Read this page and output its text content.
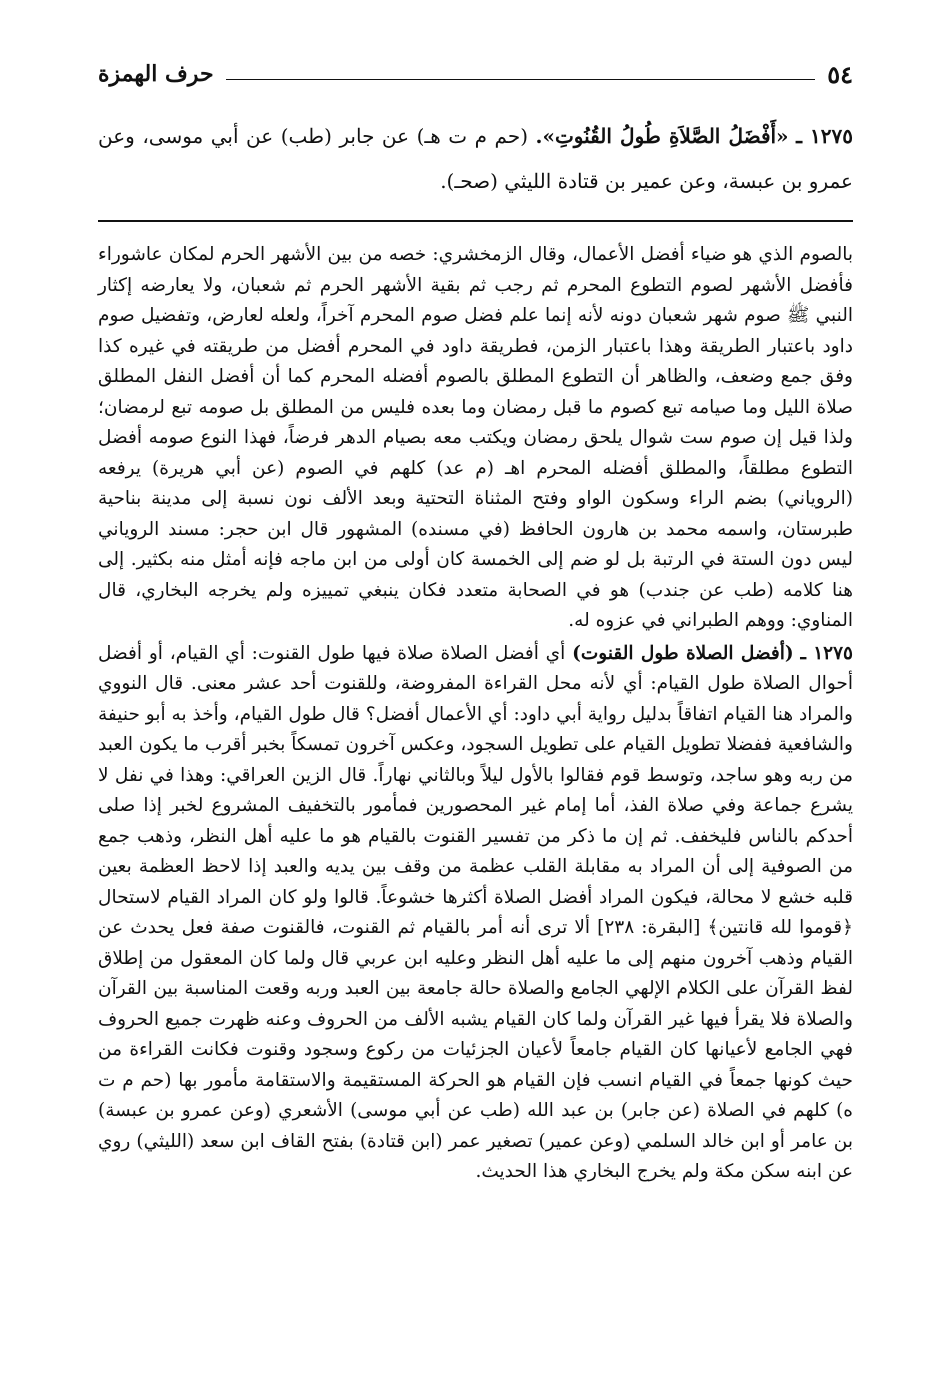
٥٤
حرف الهمزة
١٢٧٥ ـ «أَفْضَلُ الصَّلاَةِ طُولُ القُنُوتِ». (حم م ت هـ) عن جابر (طب) عن أبي موسى، وعن عمرو بن عبسة، وعن عمير بن قتادة الليثي (صحـ).

بالصوم الذي هو ضياء أفضل الأعمال، وقال الزمخشري: خصه من بين الأشهر الحرم لمكان عاشوراء فأفضل الأشهر لصوم التطوع المحرم ثم رجب ثم بقية الأشهر الحرم ثم شعبان، ولا يعارضه إكثار النبي ﷺ صوم شهر شعبان دونه لأنه إنما علم فضل صوم المحرم آخراً، ولعله لعارض، وتفضيل صوم داود باعتبار الطريقة وهذا باعتبار الزمن، فطريقة داود في المحرم أفضل من طريقته في غيره كذا وفق جمع وضعف، والظاهر أن التطوع المطلق بالصوم أفضله المحرم كما أن أفضل النفل المطلق صلاة الليل وما صيامه تبع كصوم ما قبل رمضان وما بعده فليس من المطلق بل صومه تبع لرمضان؛ ولذا قيل إن صوم ست شوال يلحق رمضان ويكتب معه بصيام الدهر فرضاً، فهذا النوع صومه أفضل التطوع مطلقاً، والمطلق أفضله المحرم اهـ (م عد) كلهم في الصوم (عن أبي هريرة) يرفعه (الروياني) بضم الراء وسكون الواو وفتح المثناة التحتية وبعد الألف نون نسبة إلى مدينة بناحية طبرستان، واسمه محمد بن هارون الحافظ (في مسنده) المشهور قال ابن حجر: مسند الروياني ليس دون الستة في الرتبة بل لو ضم إلى الخمسة كان أولى من ابن ماجه فإنه أمثل منه بكثير. إلى هنا كلامه (طب عن جندب) هو في الصحابة متعدد فكان ينبغي تمييزه ولم يخرجه البخاري، قال المناوي: ووهم الطبراني في عزوه له.

١٢٧٥ ـ (أفضل الصلاة طول القنوت) أي أفضل الصلاة صلاة فيها طول القنوت: أي القيام، أو أفضل أحوال الصلاة طول القيام: أي لأنه محل القراءة المفروضة، وللقنوت أحد عشر معنى. قال النووي والمراد هنا القيام اتفاقاً بدليل رواية أبي داود: أي الأعمال أفضل؟ قال طول القيام، وأخذ به أبو حنيفة والشافعية ففضلا تطويل القيام على تطويل السجود، وعكس آخرون تمسكاً بخبر أقرب ما يكون العبد من ربه وهو ساجد، وتوسط قوم فقالوا بالأول ليلاً وبالثاني نهاراً. قال الزين العراقي: وهذا في نفل لا يشرع جماعة وفي صلاة الفذ، أما إمام غير المحصورين فمأمور بالتخفيف المشروع لخبر إذا صلى أحدكم بالناس فليخفف. ثم إن ما ذكر من تفسير القنوت بالقيام هو ما عليه أهل النظر، وذهب جمع من الصوفية إلى أن المراد به مقابلة القلب عظمة من وقف بين يديه والعبد إذا لاحظ العظمة بعين قلبه خشع لا محالة، فيكون المراد أفضل الصلاة أكثرها خشوعاً. قالوا ولو كان المراد القيام لاستحال ﴿قوموا لله قانتين﴾ [البقرة: ٢٣٨] ألا ترى أنه أمر بالقيام ثم القنوت، فالقنوت صفة فعل يحدث عن القيام وذهب آخرون منهم إلى ما عليه أهل النظر وعليه ابن عربي قال ولما كان المعقول من إطلاق لفظ القرآن على الكلام الإلهي الجامع والصلاة حالة جامعة بين العبد وربه وقعت المناسبة بين القرآن والصلاة فلا يقرأ فيها غير القرآن ولما كان القيام يشبه الألف من الحروف وعنه ظهرت جميع الحروف فهي الجامع لأعيانها كان القيام جامعاً لأعيان الجزئيات من ركوع وسجود وقنوت فكانت القراءة من حيث كونها جمعاً في القيام انسب فإن القيام هو الحركة المستقيمة والاستقامة مأمور بها (حم م ت ه) كلهم في الصلاة (عن جابر) بن عبد الله (طب عن أبي موسى) الأشعري (وعن عمرو بن عبسة) بن عامر أو ابن خالد السلمي (وعن عمير) تصغير عمر (ابن قتادة) بفتح القاف ابن سعد (الليثي) روي عن ابنه سكن مكة ولم يخرج البخاري هذا الحديث.
